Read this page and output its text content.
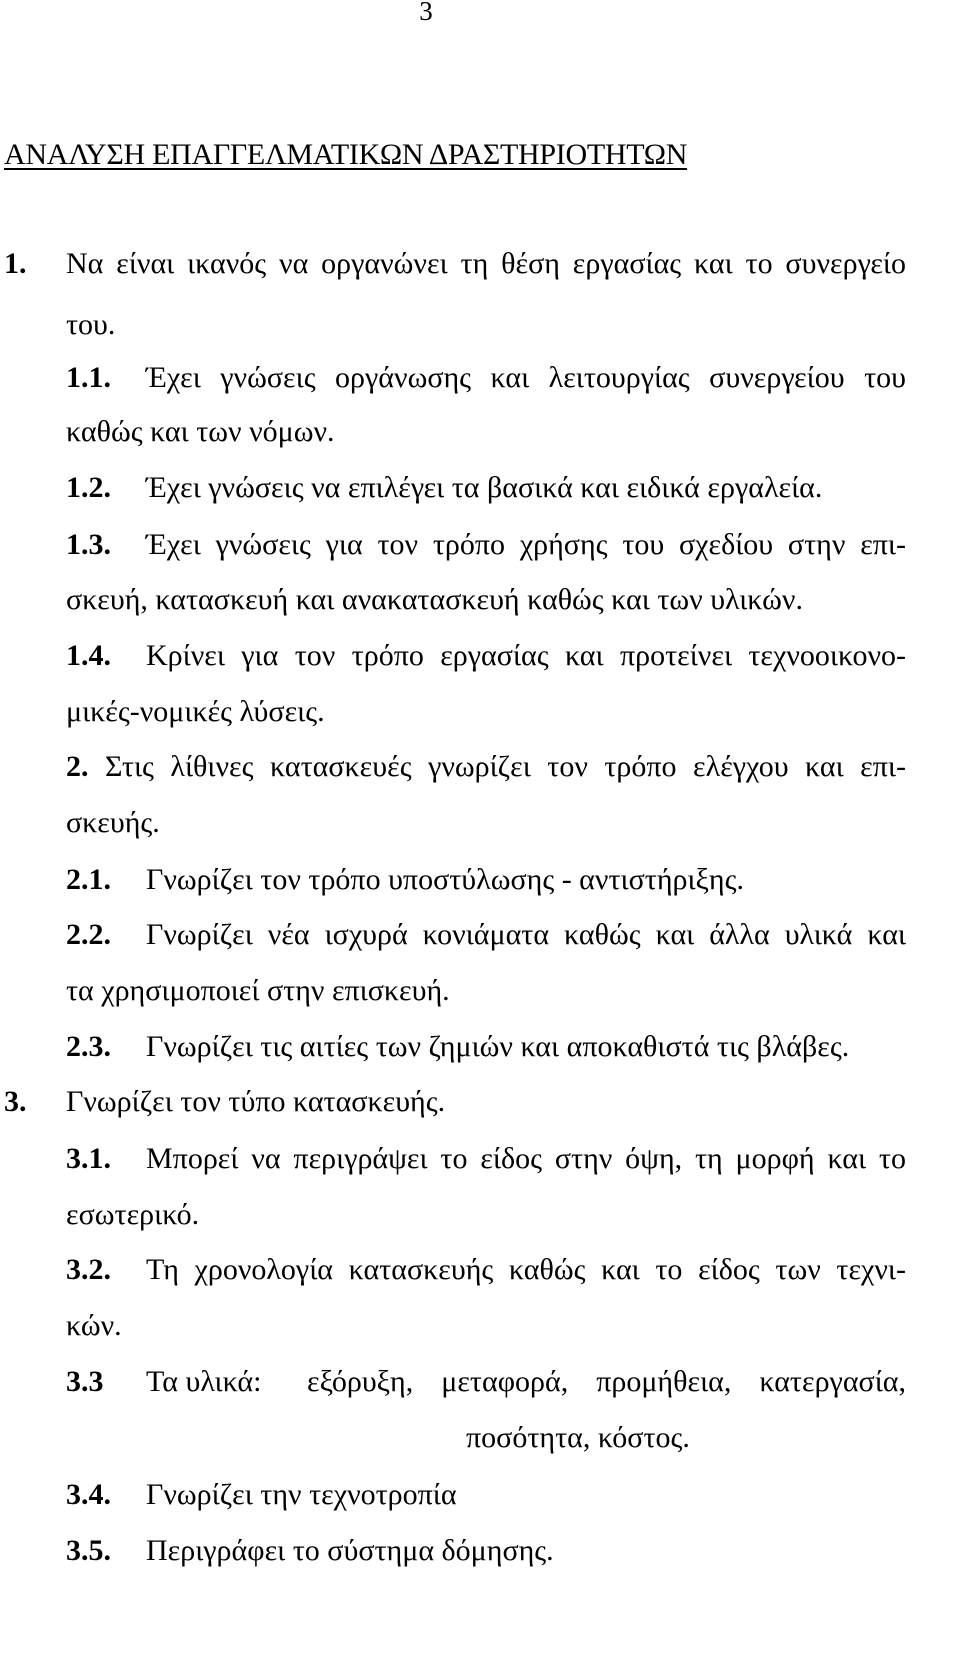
3
ΑΝΑΛΥΣΗ ΕΠΑΓΓΕΛΜΑΤΙΚΩΝ ΔΡΑΣΤΗΡΙΟΤΗΤΩΝ
1. Να είναι ικανός να οργανώνει τη θέση εργασίας και το συνεργείο
του.
1.1. Έχει γνώσεις οργάνωσης και λειτουργίας συνεργείου του
καθώς και των νόμων.
1.2. Έχει γνώσεις να επιλέγει τα βασικά και ειδικά εργαλεία.
1.3. Έχει γνώσεις για τον τρόπο χρήσης του σχεδίου στην επι-
σκευή, κατασκευή και ανακατασκευή καθώς και των υλικών.
1.4. Κρίνει για τον τρόπο εργασίας και προτείνει τεχνοοικονο-
μικές-νομικές λύσεις.
2. Στις λίθινες κατασκευές γνωρίζει τον τρόπο ελέγχου και επι-
σκευής.
2.1. Γνωρίζει τον τρόπο υποστύλωσης - αντιστήριξης.
2.2. Γνωρίζει νέα ισχυρά κονιάματα καθώς και άλλα υλικά και
τα χρησιμοποιεί στην επισκευή.
2.3. Γνωρίζει τις αιτίες των ζημιών και αποκαθιστά τις βλάβες.
3. Γνωρίζει τον τύπο κατασκευής.
3.1. Μπορεί να περιγράψει το είδος στην όψη, τη μορφή και το
εσωτερικό.
3.2. Τη χρονολογία κατασκευής καθώς και το είδος των τεχνι-
κών.
3.3 Τα υλικά: εξόρυξη, μεταφορά, προμήθεια, κατεργασία,
ποσότητα, κόστος.
3.4. Γνωρίζει την τεχνοτροπία
3.5. Περιγράφει το σύστημα δόμησης.
